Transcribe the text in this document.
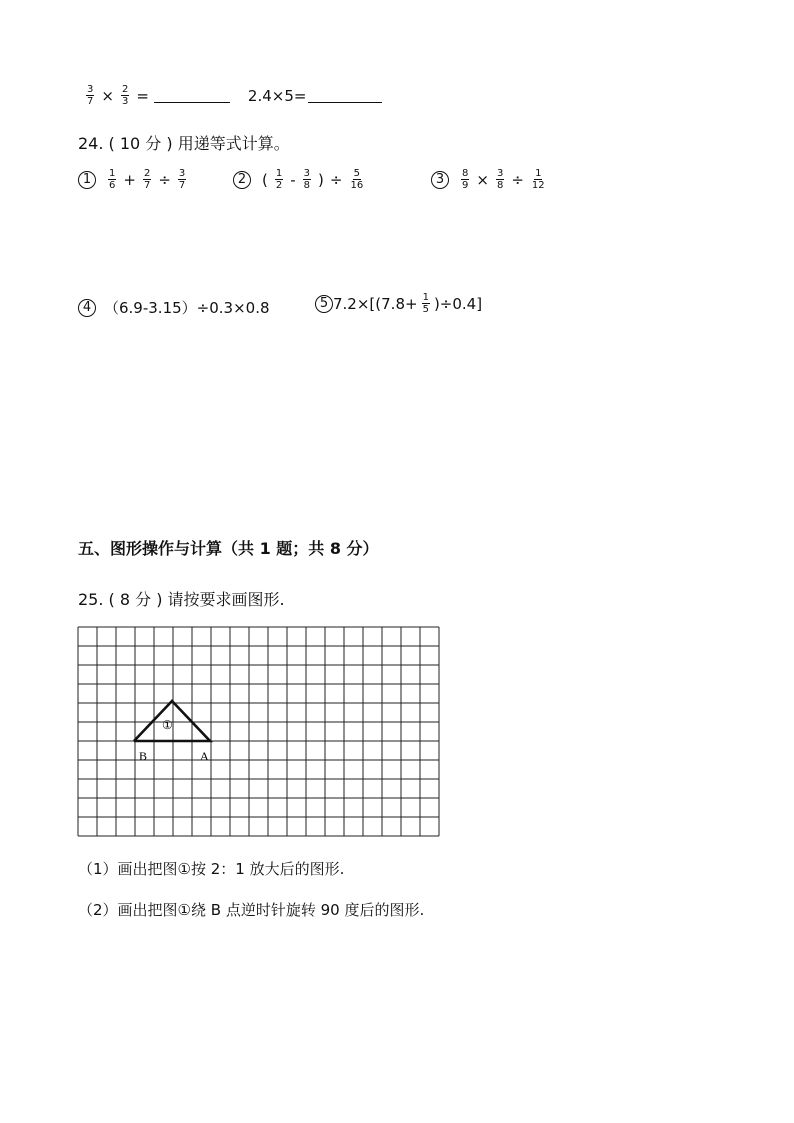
$\frac{3}{7} \times \frac{2}{3}$ =	2.4×5=
24. ( 10 分 ) 用递等式计算。
1	$\frac{1}{6} + \frac{2}{7} \div \frac{3}{7}$	2	( $\frac{1}{2} - \frac{3}{8}$ ) ÷ $\frac{5}{16}$	3	$\frac{8}{9} \times \frac{3}{8} \div \frac{1}{12}$
4 （6.9-3.15）÷0.3×0.8	5 $7.2\times[(7.8+ \frac{1}{5} )\div 0.4]$
五、图形操作与计算（共 1 题；共 8 分）
25. ( 8 分 ) 请按要求画图形.
①
B	A
（1）画出把图①按 2：1 放大后的图形.
（2）画出把图①绕 B 点逆时针旋转 90 度后的图形.
